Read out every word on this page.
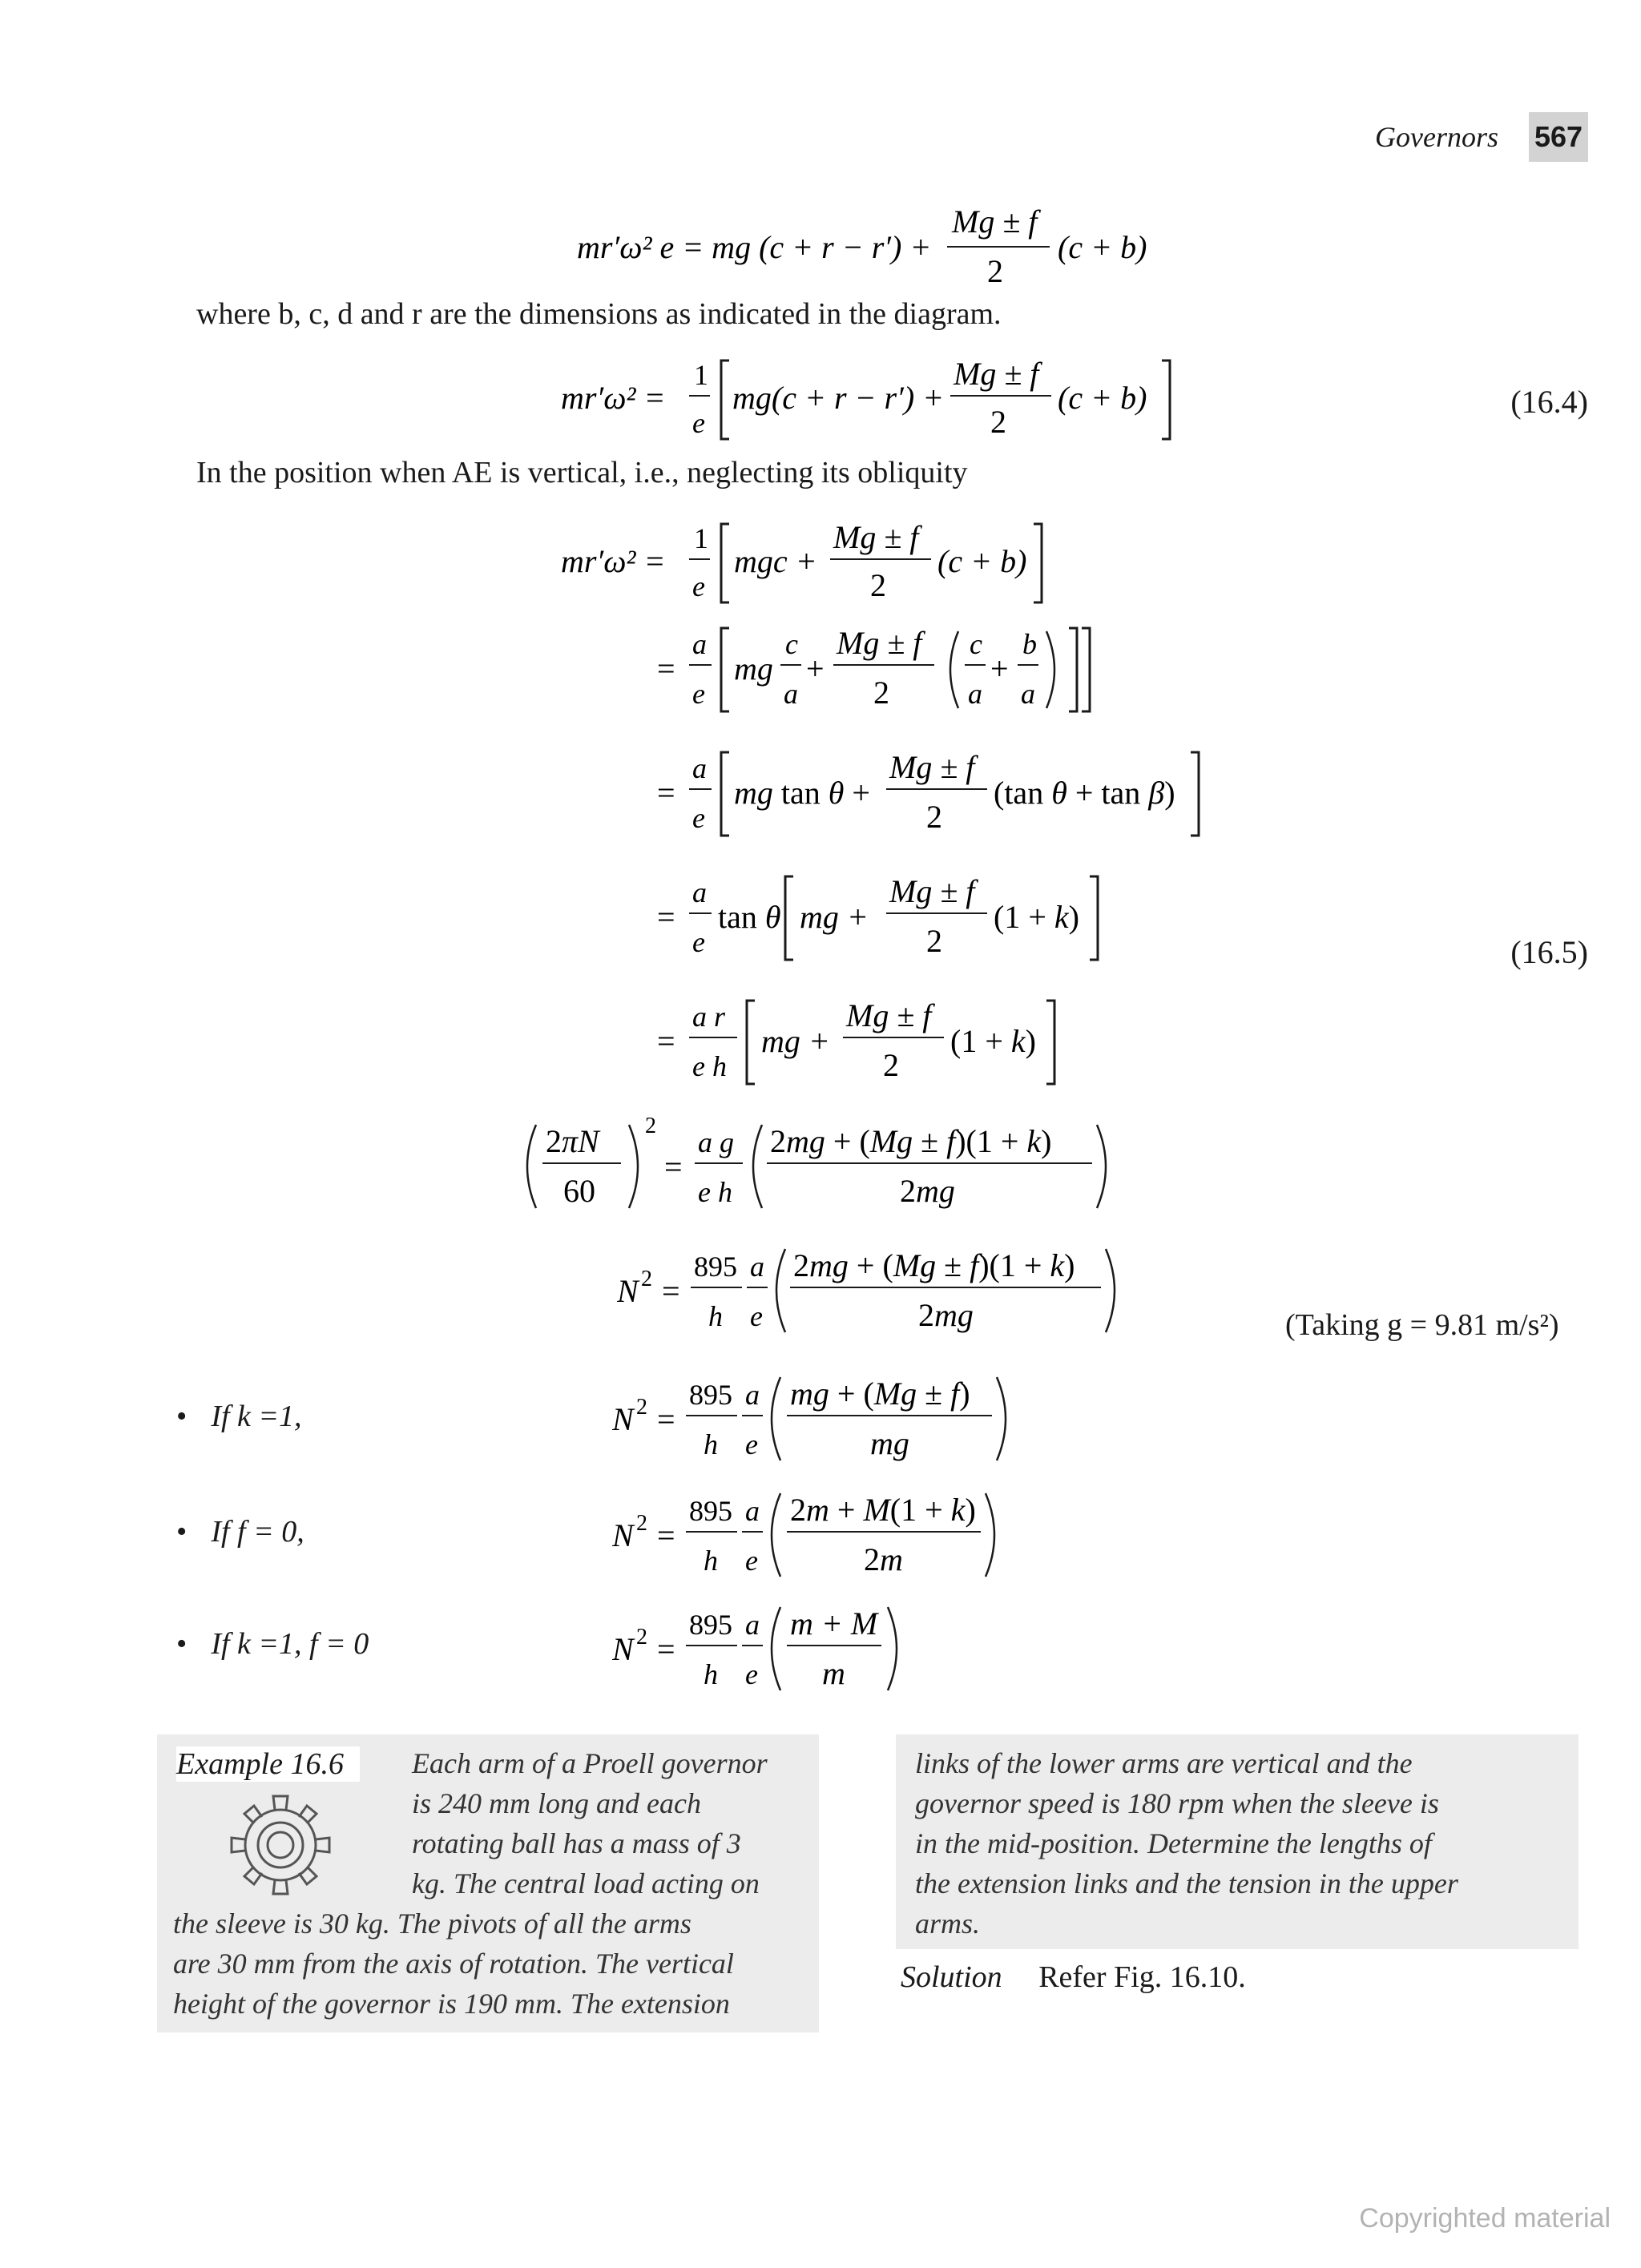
Governors 567
mr′ω² e = mg (c + r − r′) +
Mg ± f
2
(c + b)
where b, c, d and r are the dimensions as indicated in the diagram.
mr′ω² =
1
e
mg(c + r − r′) +
Mg ± f
2
(c + b)	(16.4)
In the position when AE is vertical, i.e., neglecting its obliquity
mr′ω² =
1
e
mgc +
Mg ± f
2
(c + b)
=
a
e
mg
c
a
+
Mg ± f
2
c
a
+
b
a
=
a
e
mg tan θ +
Mg ± f
2
(tan θ + tan β)
=
a
e
tan θ mg +
Mg ± f
2
(1 + k)
(16.5)
=
a r
e h
mg +
Mg ± f
2
(1 + k)
2πN
60
2
=
a g
e h
2mg + (Mg ± f)(1 + k)
2mg
N 2 =
895
h
a
e
2mg + (Mg ± f)(1 + k)
2mg	(Taking g = 9.81 m/s²)
• If k =1,	N 2 =
895
h
a
e
mg + (Mg ± f)
mg
• If f = 0,	N 2 =
895
h
a
e
2m + M(1 + k)
2m
• If k =1, f = 0	N 2 =
895
h
a
e
m + M
m
Example 16.6	Each arm of a Proell governor
is 240 mm long and each
rotating ball has a mass of 3
kg. The central load acting on
the sleeve is 30 kg. The pivots of all the arms
are 30 mm from the axis of rotation. The vertical
height of the governor is 190 mm. The extension
links of the lower arms are vertical and the
governor speed is 180 rpm when the sleeve is
in the mid-position. Determine the lengths of
the extension links and the tension in the upper
arms.
Solution Refer Fig. 16.10.
Copyrighted material
